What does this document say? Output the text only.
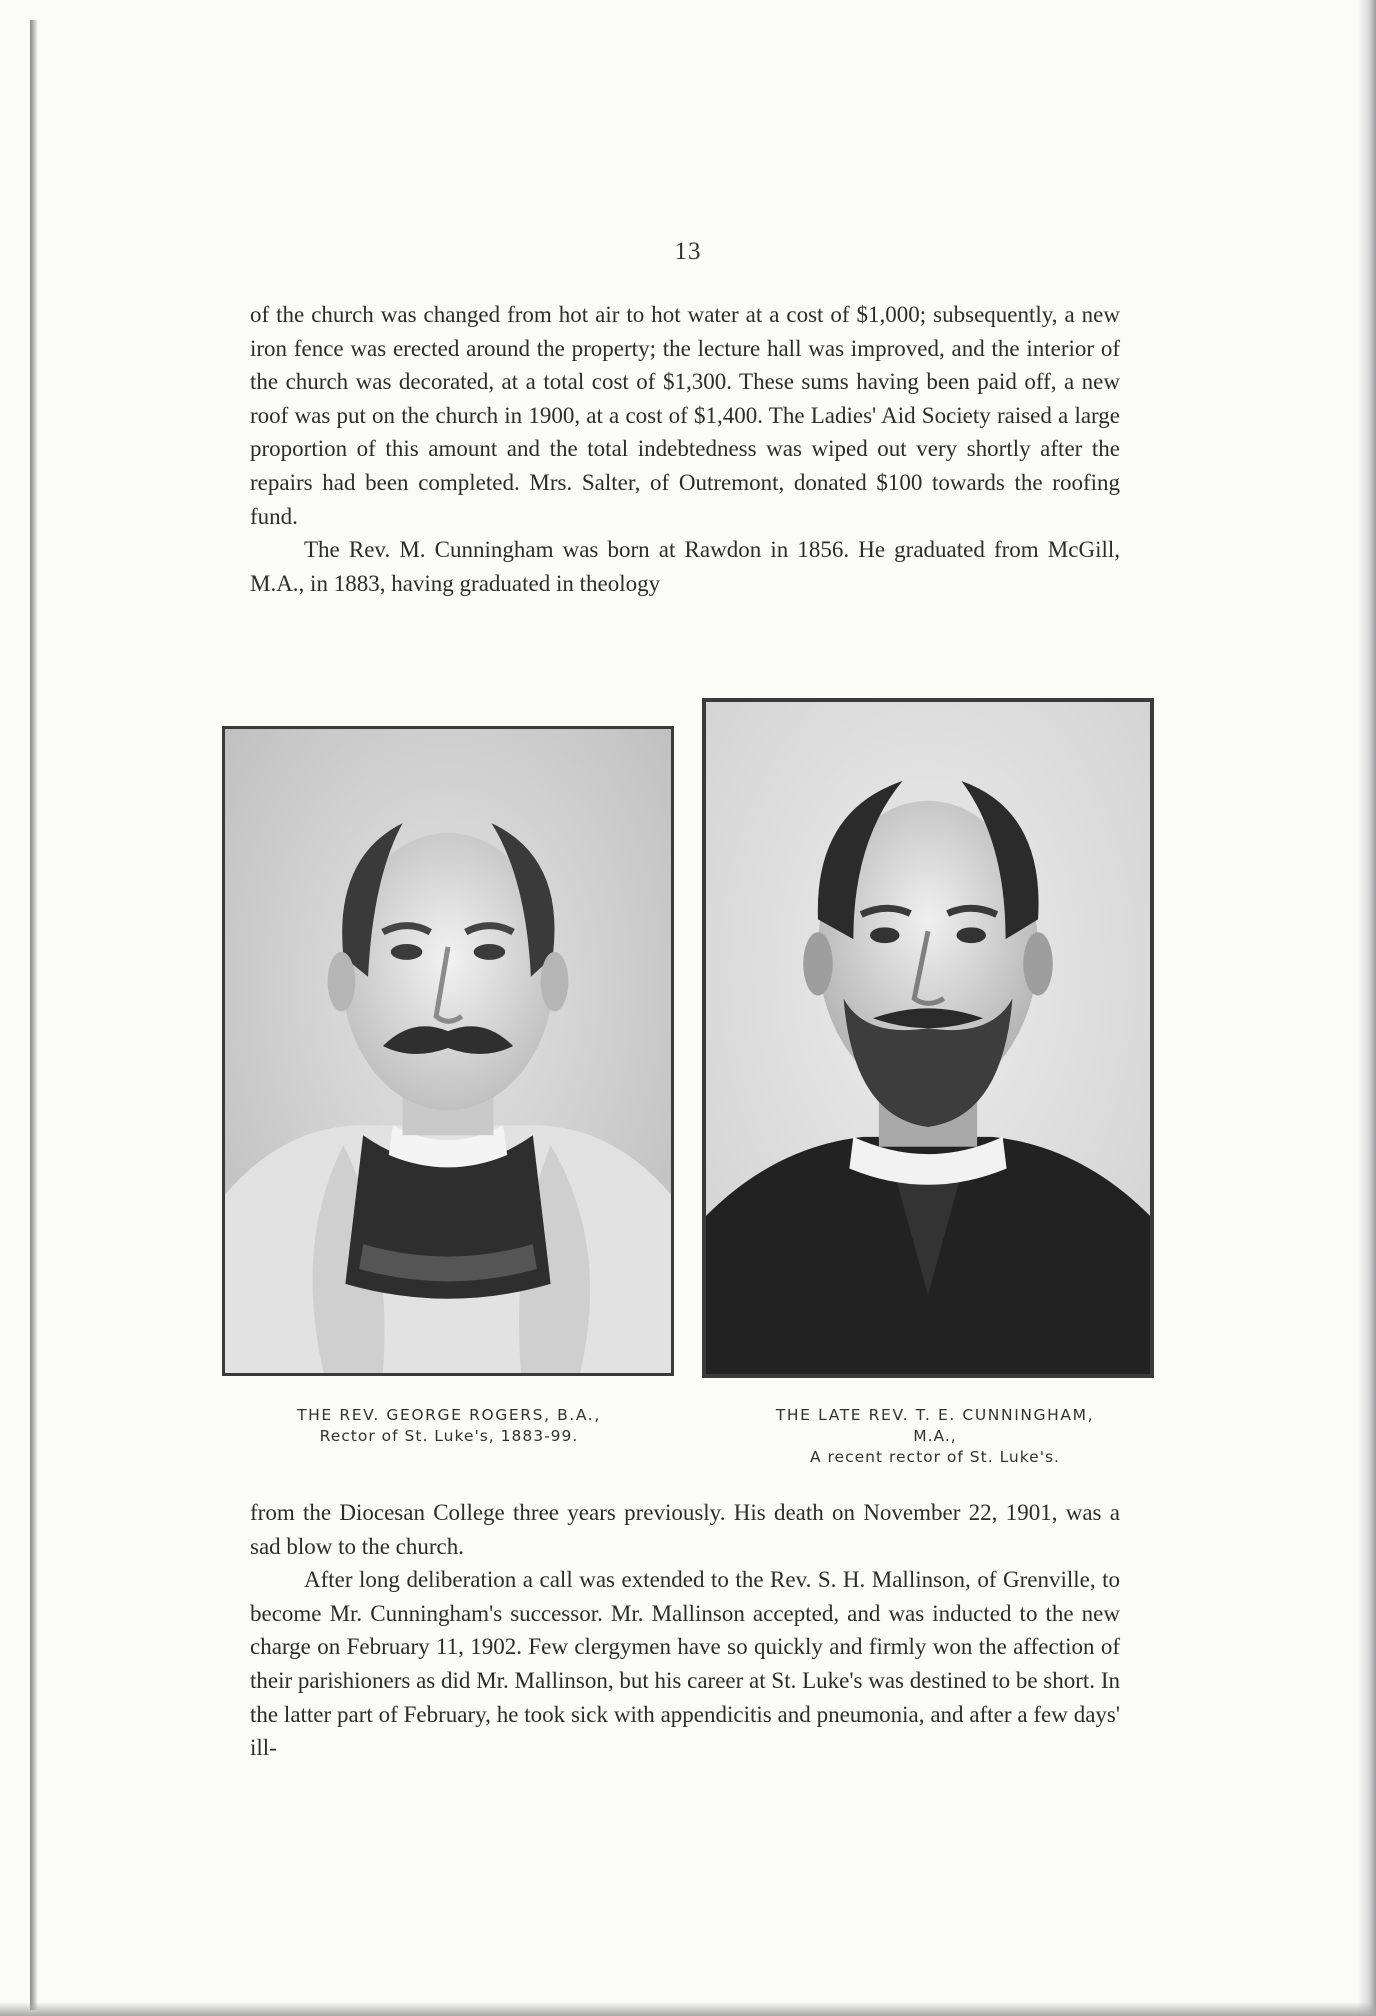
13

of the church was changed from hot air to hot water at a cost of $1,000; subsequently, a new iron fence was erected around the property; the lecture hall was improved, and the interior of the church was decorated, at a total cost of $1,300. These sums having been paid off, a new roof was put on the church in 1900, at a cost of $1,400. The Ladies' Aid Society raised a large proportion of this amount and the total indebtedness was wiped out very shortly after the repairs had been completed. Mrs. Salter, of Outremont, donated $100 towards the roofing fund.

The Rev. M. Cunningham was born at Rawdon in 1856. He graduated from McGill, M.A., in 1883, having graduated in theology

THE REV. GEORGE ROGERS, B.A.,
Rector of St. Luke's, 1883-99.
THE LATE REV. T. E. CUNNINGHAM,
M.A.,
A recent rector of St. Luke's.

from the Diocesan College three years previously. His death on November 22, 1901, was a sad blow to the church.

After long deliberation a call was extended to the Rev. S. H. Mallinson, of Grenville, to become Mr. Cunningham's successor. Mr. Mallinson accepted, and was inducted to the new charge on February 11, 1902. Few clergymen have so quickly and firmly won the affection of their parishioners as did Mr. Mallinson, but his career at St. Luke's was destined to be short. In the latter part of February, he took sick with appendicitis and pneumonia, and after a few days' ill-
